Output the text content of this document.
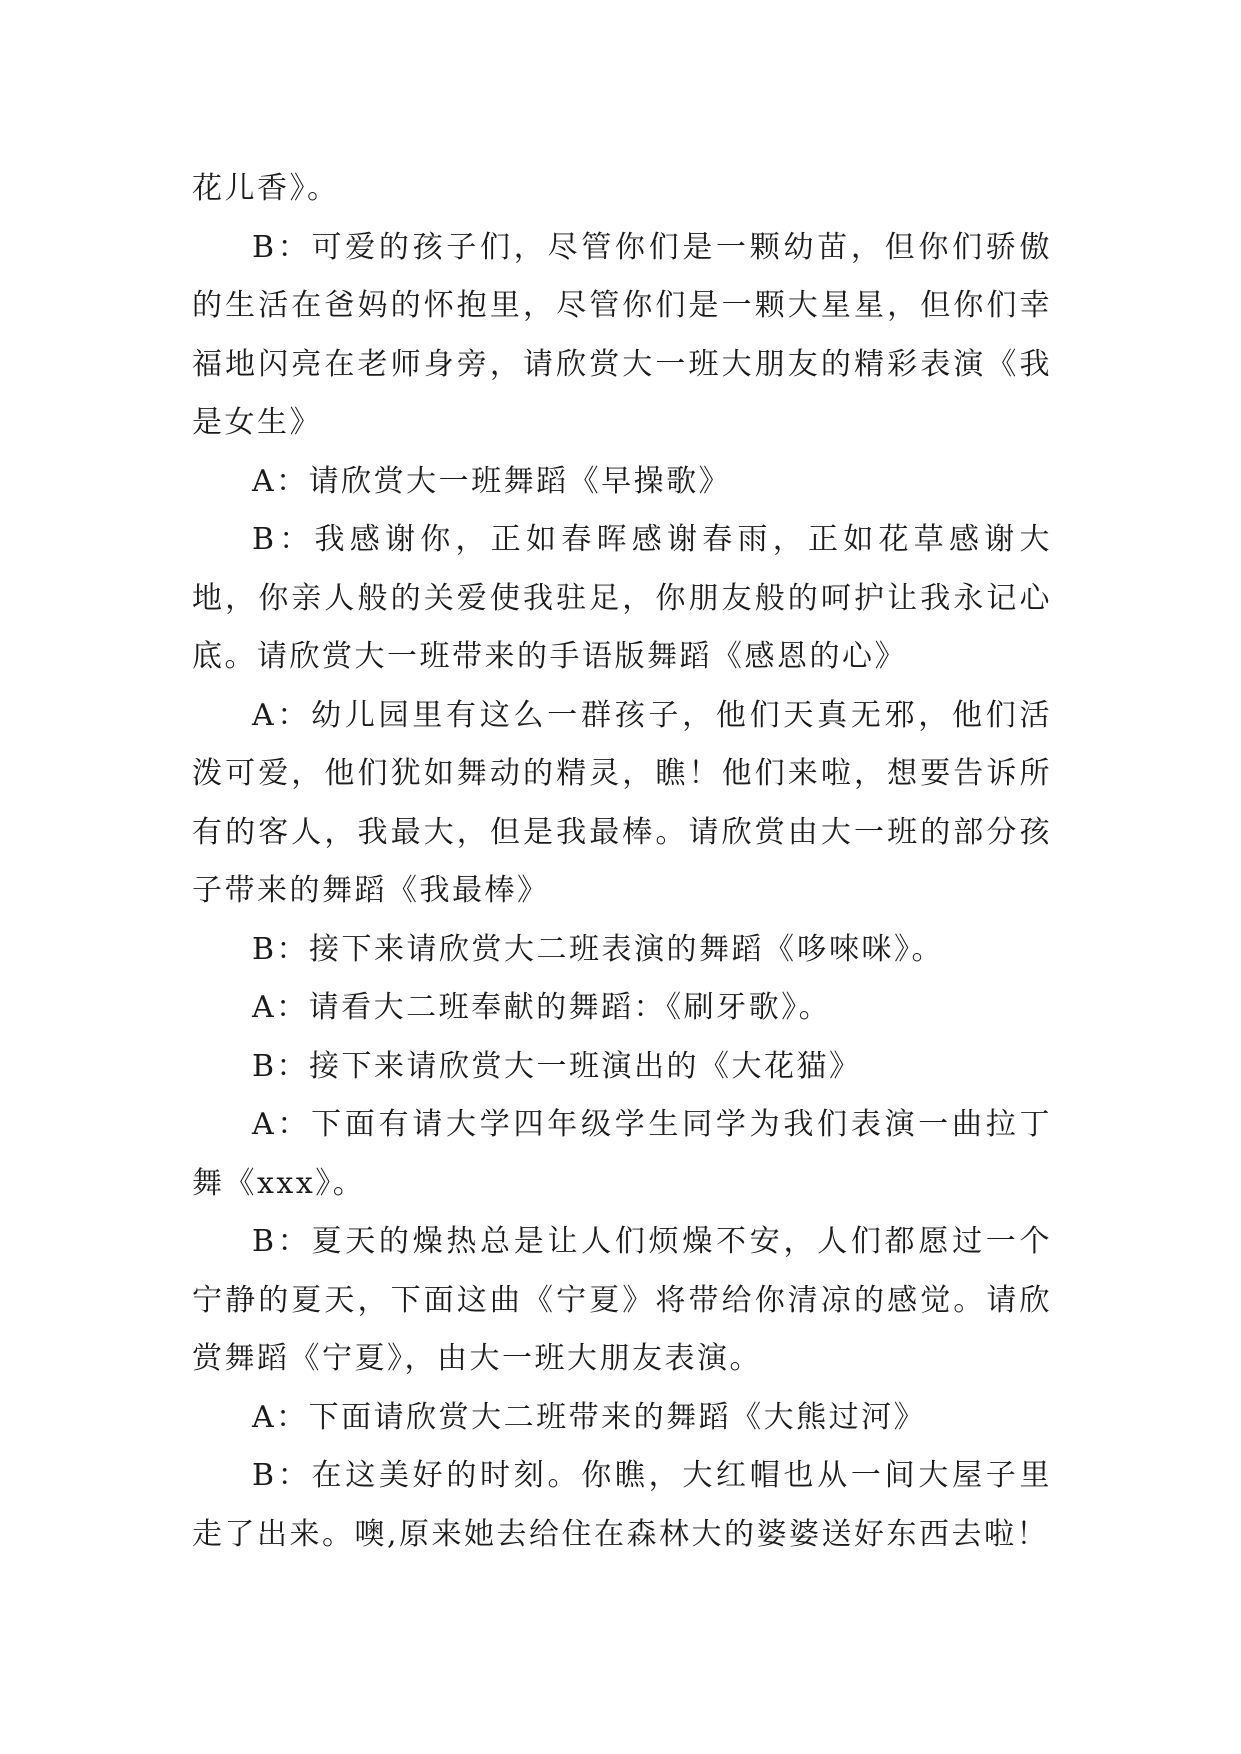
花儿香》。

B：可爱的孩子们，尽管你们是一颗幼苗，但你们骄傲的生活在爸妈的怀抱里，尽管你们是一颗大星星，但你们幸福地闪亮在老师身旁，请欣赏大一班大朋友的精彩表演《我是女生》

A：请欣赏大一班舞蹈《早操歌》

B：我感谢你，正如春晖感谢春雨，正如花草感谢大地，你亲人般的关爱使我驻足，你朋友般的呵护让我永记心底。请欣赏大一班带来的手语版舞蹈《感恩的心》

A：幼儿园里有这么一群孩子，他们天真无邪，他们活泼可爱，他们犹如舞动的精灵，瞧！他们来啦，想要告诉所有的客人，我最大，但是我最棒。请欣赏由大一班的部分孩子带来的舞蹈《我最棒》

B：接下来请欣赏大二班表演的舞蹈《哆唻咪》。

A：请看大二班奉献的舞蹈：《刷牙歌》。

B：接下来请欣赏大一班演出的《大花猫》

A：下面有请大学四年级学生同学为我们表演一曲拉丁舞《xxx》。

B：夏天的燥热总是让人们烦燥不安，人们都愿过一个宁静的夏天，下面这曲《宁夏》将带给你清凉的感觉。请欣赏舞蹈《宁夏》，由大一班大朋友表演。

A：下面请欣赏大二班带来的舞蹈《大熊过河》

B：在这美好的时刻。你瞧，大红帽也从一间大屋子里走了出来。噢,原来她去给住在森林大的婆婆送好东西去啦！
